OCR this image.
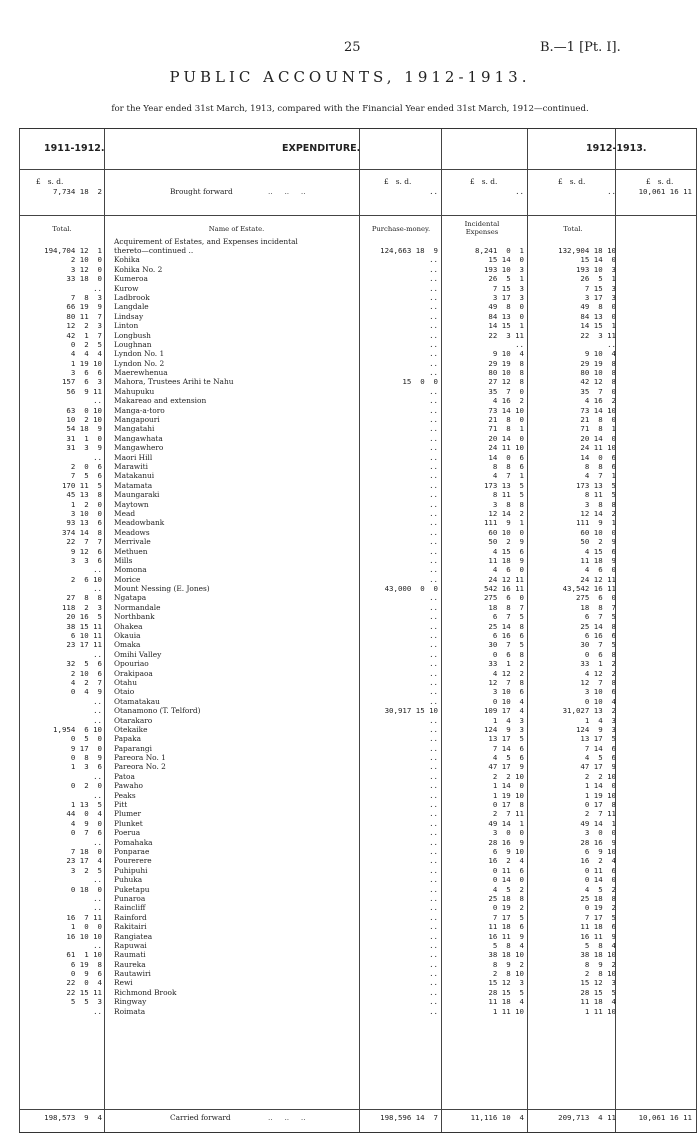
25	B.—1 [Pt. I].
PUBLIC ACCOUNTS, 1912-1913.
for the Year ended 31st March, 1913, compared with the Financial Year ended 31st March, 1912—continued.
1911-1912.	EXPENDITURE.	1912-1913.
£   s. d.	£   s. d.	£   s. d.	£   s. d.	£   s. d.
7,734 18  2	Brought forward	..     ..     ..	..	..	..	10,061 16 11
Total.	Name of Estate.	Purchase-money.
Incidental Expenses	Total.
Acquirement of Estates, and Expenses incidental
194,704 12  1 thereto—continued ..	124,663 18  9	8,241  0  1	132,904 18 10
2 10  0 Kohika	..	15 14  0	15 14  0
3 12  0 Kohika No. 2	..	193 10  3	193 10  3
33 18  0 Kumeroa	..	26  5  1	26  5  1
.. Kurow	..	7 15  3	7 15  3
7  8  3 Ladbrook	..	3 17  3	3 17  3
66 19  9 Langdale	..	49  8  0	49  8  0
80 11  7 Lindsay	..	84 13  0	84 13  0
12  2  3 Linton	..	14 15  1	14 15  1
42  1  7 Longbush	..	22  3 11	22  3 11
0  2  5 Loughnan	..	..	..
4  4  4 Lyndon No. 1	..	9 10  4	9 10  4
1 19 10 Lyndon No. 2	..	29 19  8	29 19  8
3  6  6 Maerewhenua	..	80 10  8	80 10  8
157  6  3 Mahora, Trustees Arihi te Nahu	15  0  0	27 12  8	42 12  8
56  9 11 Mahupuku	..	35  7  0	35  7  0
.. Makareao and extension	..	4 16  2	4 16  2
63  0 10 Manga-a-toro	..	73 14 10	73 14 10
10  2 10 Mangapouri	..	21  8  0	21  8  0
54 18  9 Mangatahi	..	71  8  1	71  8  1
31  1  0 Mangawhata	..	20 14  0	20 14  0
31  3  9 Mangawhero	..	24 11 10	24 11 10
.. Maori Hill	..	14  0  6	14  0  6
2  0  6 Marawiti	..	8  8  6	8  8  6
7  5  6 Matakanui	..	4  7  1	4  7  1
170 11  5 Matamata	..	173 13  5	173 13  5
45 13  8 Maungaraki	..	8 11  5	8 11  5
1  2  0 Maytown	..	3  8  8	3  8  8
3 10  0 Mead	..	12 14  2	12 14  2
93 13  6 Meadowbank	..	111  9  1	111  9  1
374 14  8 Meadows	..	60 10  0	60 10  0
22  7  7 Merrivale	..	50  2  9	50  2  9
9 12  6 Methuen	..	4 15  6	4 15  6
3  3  6 Mills	..	11 18  9	11 18  9
.. Momona	..	4  6  0	4  6  0
2  6 10 Morice	..	24 12 11	24 12 11
.. Mount Nessing (E. Jones)	43,000  0  0	542 16 11	43,542 16 11
27  8  8 Ngatapa	..	275  6  0	275  6  0
118  2  3 Normandale	..	18  8  7	18  8  7
20 16  5 Northbank	..	6  7  5	6  7  5
38 15 11 Ohakea	..	25 14  8	25 14  8
6 10 11 Okauia	..	6 16  6	6 16  6
23 17 11 Omaka	..	30  7  5	30  7  5
.. Omihi Valley	..	0  6  8	0  6  8
32  5  6 Opouriao	..	33  1  2	33  1  2
2 10  6 Orakipaoa	..	4 12  2	4 12  2
4  2  7 Otahu	..	12  7  8	12  7  8
0  4  9 Otaio	..	3 10  6	3 10  6
.. Otamatakau	..	0 10  4	0 10  4
.. Otanamono (T. Telford)	30,917 15 10	109 17  4	31,027 13  2
.. Otarakaro	..	1  4  3	1  4  3
1,954  6 10 Otekaike	..	124  9  3	124  9  3
0  5  0 Papaka	..	13 17  5	13 17  5
9 17  0 Paparangi	..	7 14  6	7 14  6
0  8  9 Pareora No. 1	..	4  5  6	4  5  6
1  3  6 Pareora No. 2	..	47 17  9	47 17  9
.. Patoa	..	2  2 10	2  2 10
0  2  0 Pawaho	..	1 14  0	1 14  0
.. Peaks	..	1 19 10	1 19 10
1 13  5 Pitt	..	0 17  8	0 17  8
44  0  4 Plumer	..	2  7 11	2  7 11
4  9  0 Plunket	..	49 14  1	49 14  1
0  7  6 Poerua	..	3  0  0	3  0  0
.. Pomahaka	..	28 16  9	28 16  9
7 18  0 Ponparae	..	6  9 10	6  9 10
23 17  4 Pourerere	..	16  2  4	16  2  4
3  2  5 Puhipuhi	..	0 11  6	0 11  6
.. Puhuka	..	0 14  0	0 14  0
0 18  0 Puketapu	..	4  5  2	4  5  2
.. Punaroa	..	25 18  8	25 18  8
.. Raincliff	..	0 19  2	0 19  2
16  7 11 Rainford	..	7 17  5	7 17  5
1  0  0 Rakitairi	..	11 18  6	11 18  6
16 10 10 Rangiatea	..	16 11  9	16 11  9
.. Rapuwai	..	5  8  4	5  8  4
61  1 10 Raumati	..	38 18 10	38 18 10
6 19  8 Raureka	..	8  9  2	8  9  2
0  9  6 Rautawiri	..	2  8 10	2  8 10
22  0  4 Rewi	..	15 12  3	15 12  3
22 15 11 Richmond Brook	..	28 15  5	28 15  5
5  5  3 Ringway	..	11 18  4	11 18  4
.. Roimata	..	1 11 10	1 11 10
198,573  9  4	Carried forward	..     ..     ..	198,596 14  7	11,116 10  4	209,713  4 11	10,061 16 11
